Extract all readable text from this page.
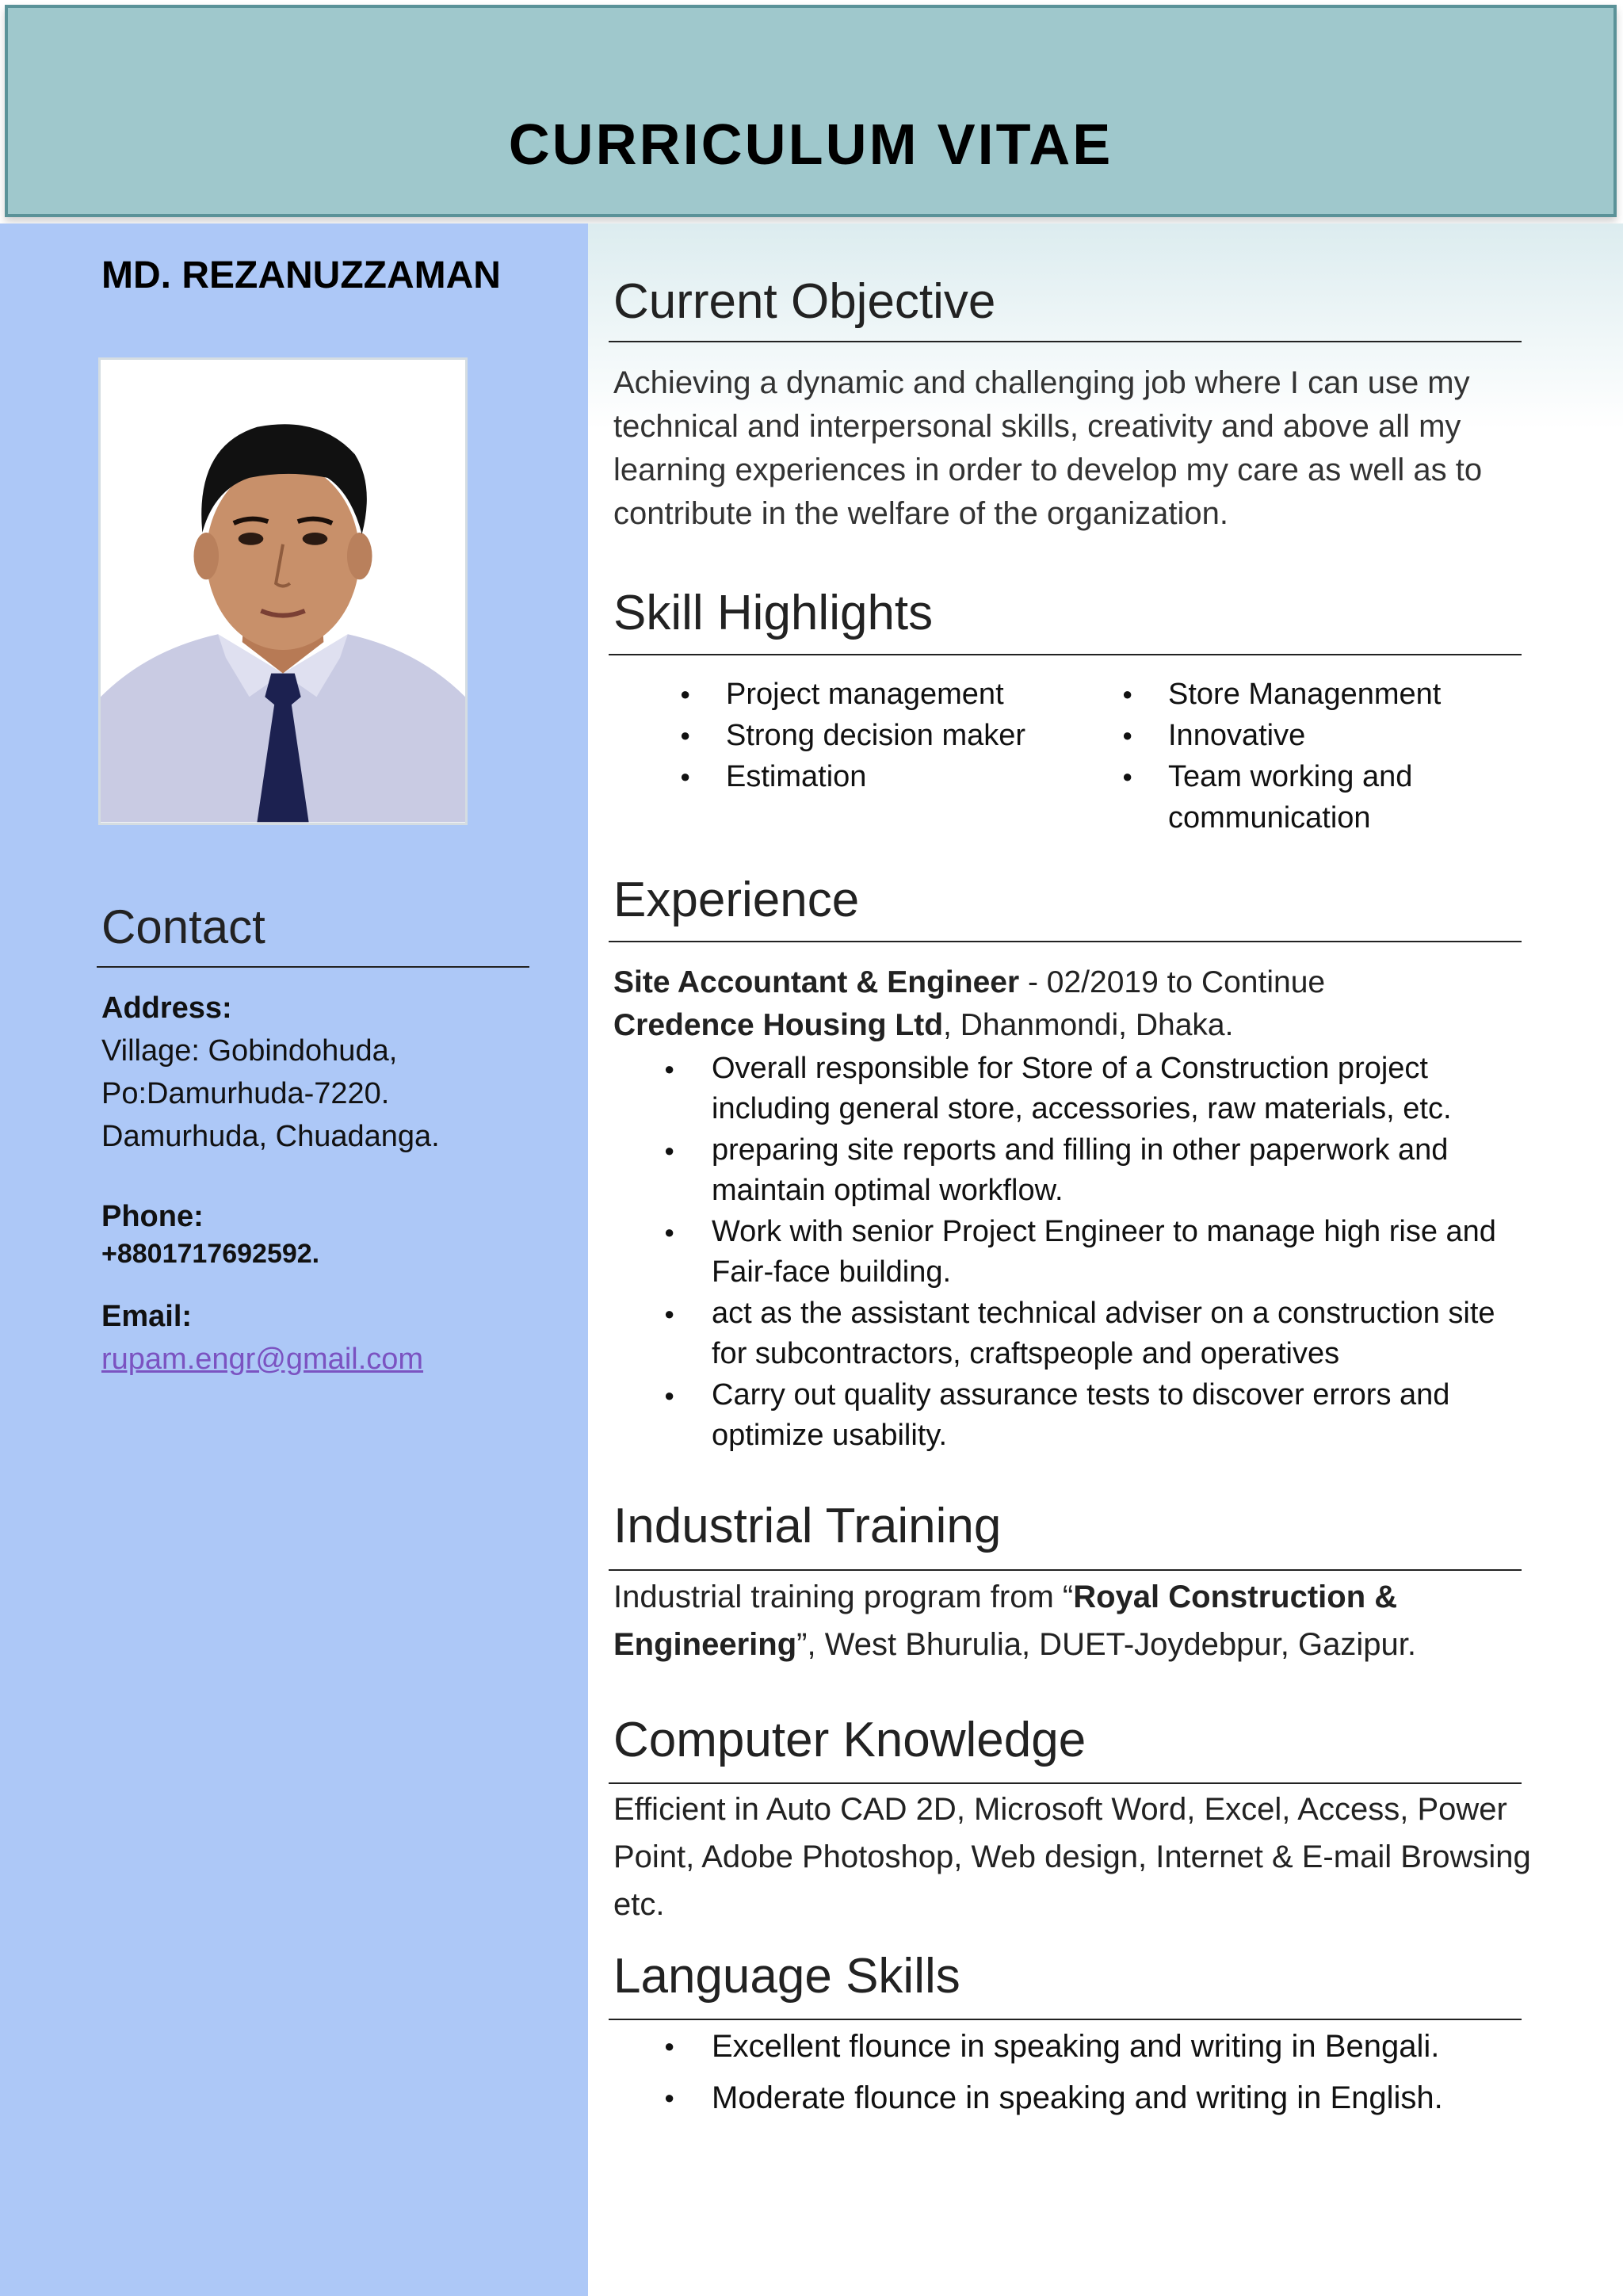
CURRICULUM VITAE
MD. REZANUZZAMAN
Contact
Address:
Village: Gobindohuda,
Po:Damurhuda-7220.
Damurhuda, Chuadanga.
Phone:
+8801717692592.
Email:
rupam.engr@gmail.com
Current Objective
Achieving a dynamic and challenging job where I can use my technical and interpersonal skills, creativity and above all my learning experiences in order to develop my care as well as to contribute in the welfare of the organization.
Skill Highlights
● Project management
● Strong decision maker
● Estimation
● Store Managenment
● Innovative
● Team working and communication
Experience
Site Accountant & Engineer - 02/2019 to Continue
Credence Housing Ltd, Dhanmondi, Dhaka.
● Overall responsible for Store of a Construction project including general store, accessories, raw materials, etc.
● preparing site reports and filling in other paperwork and maintain optimal workflow.
● Work with senior Project Engineer to manage high rise and Fair-face building.
● act as the assistant technical adviser on a construction site for subcontractors, craftspeople and operatives
● Carry out quality assurance tests to discover errors and optimize usability.
Industrial Training
Industrial training program from “Royal Construction & Engineering”, West Bhurulia, DUET-Joydebpur, Gazipur.
Computer Knowledge
Efficient in Auto CAD 2D, Microsoft Word, Excel, Access, Power Point, Adobe Photoshop, Web design, Internet & E-mail Browsing etc.
Language Skills
● Excellent flounce in speaking and writing in Bengali.
● Moderate flounce in speaking and writing in English.
